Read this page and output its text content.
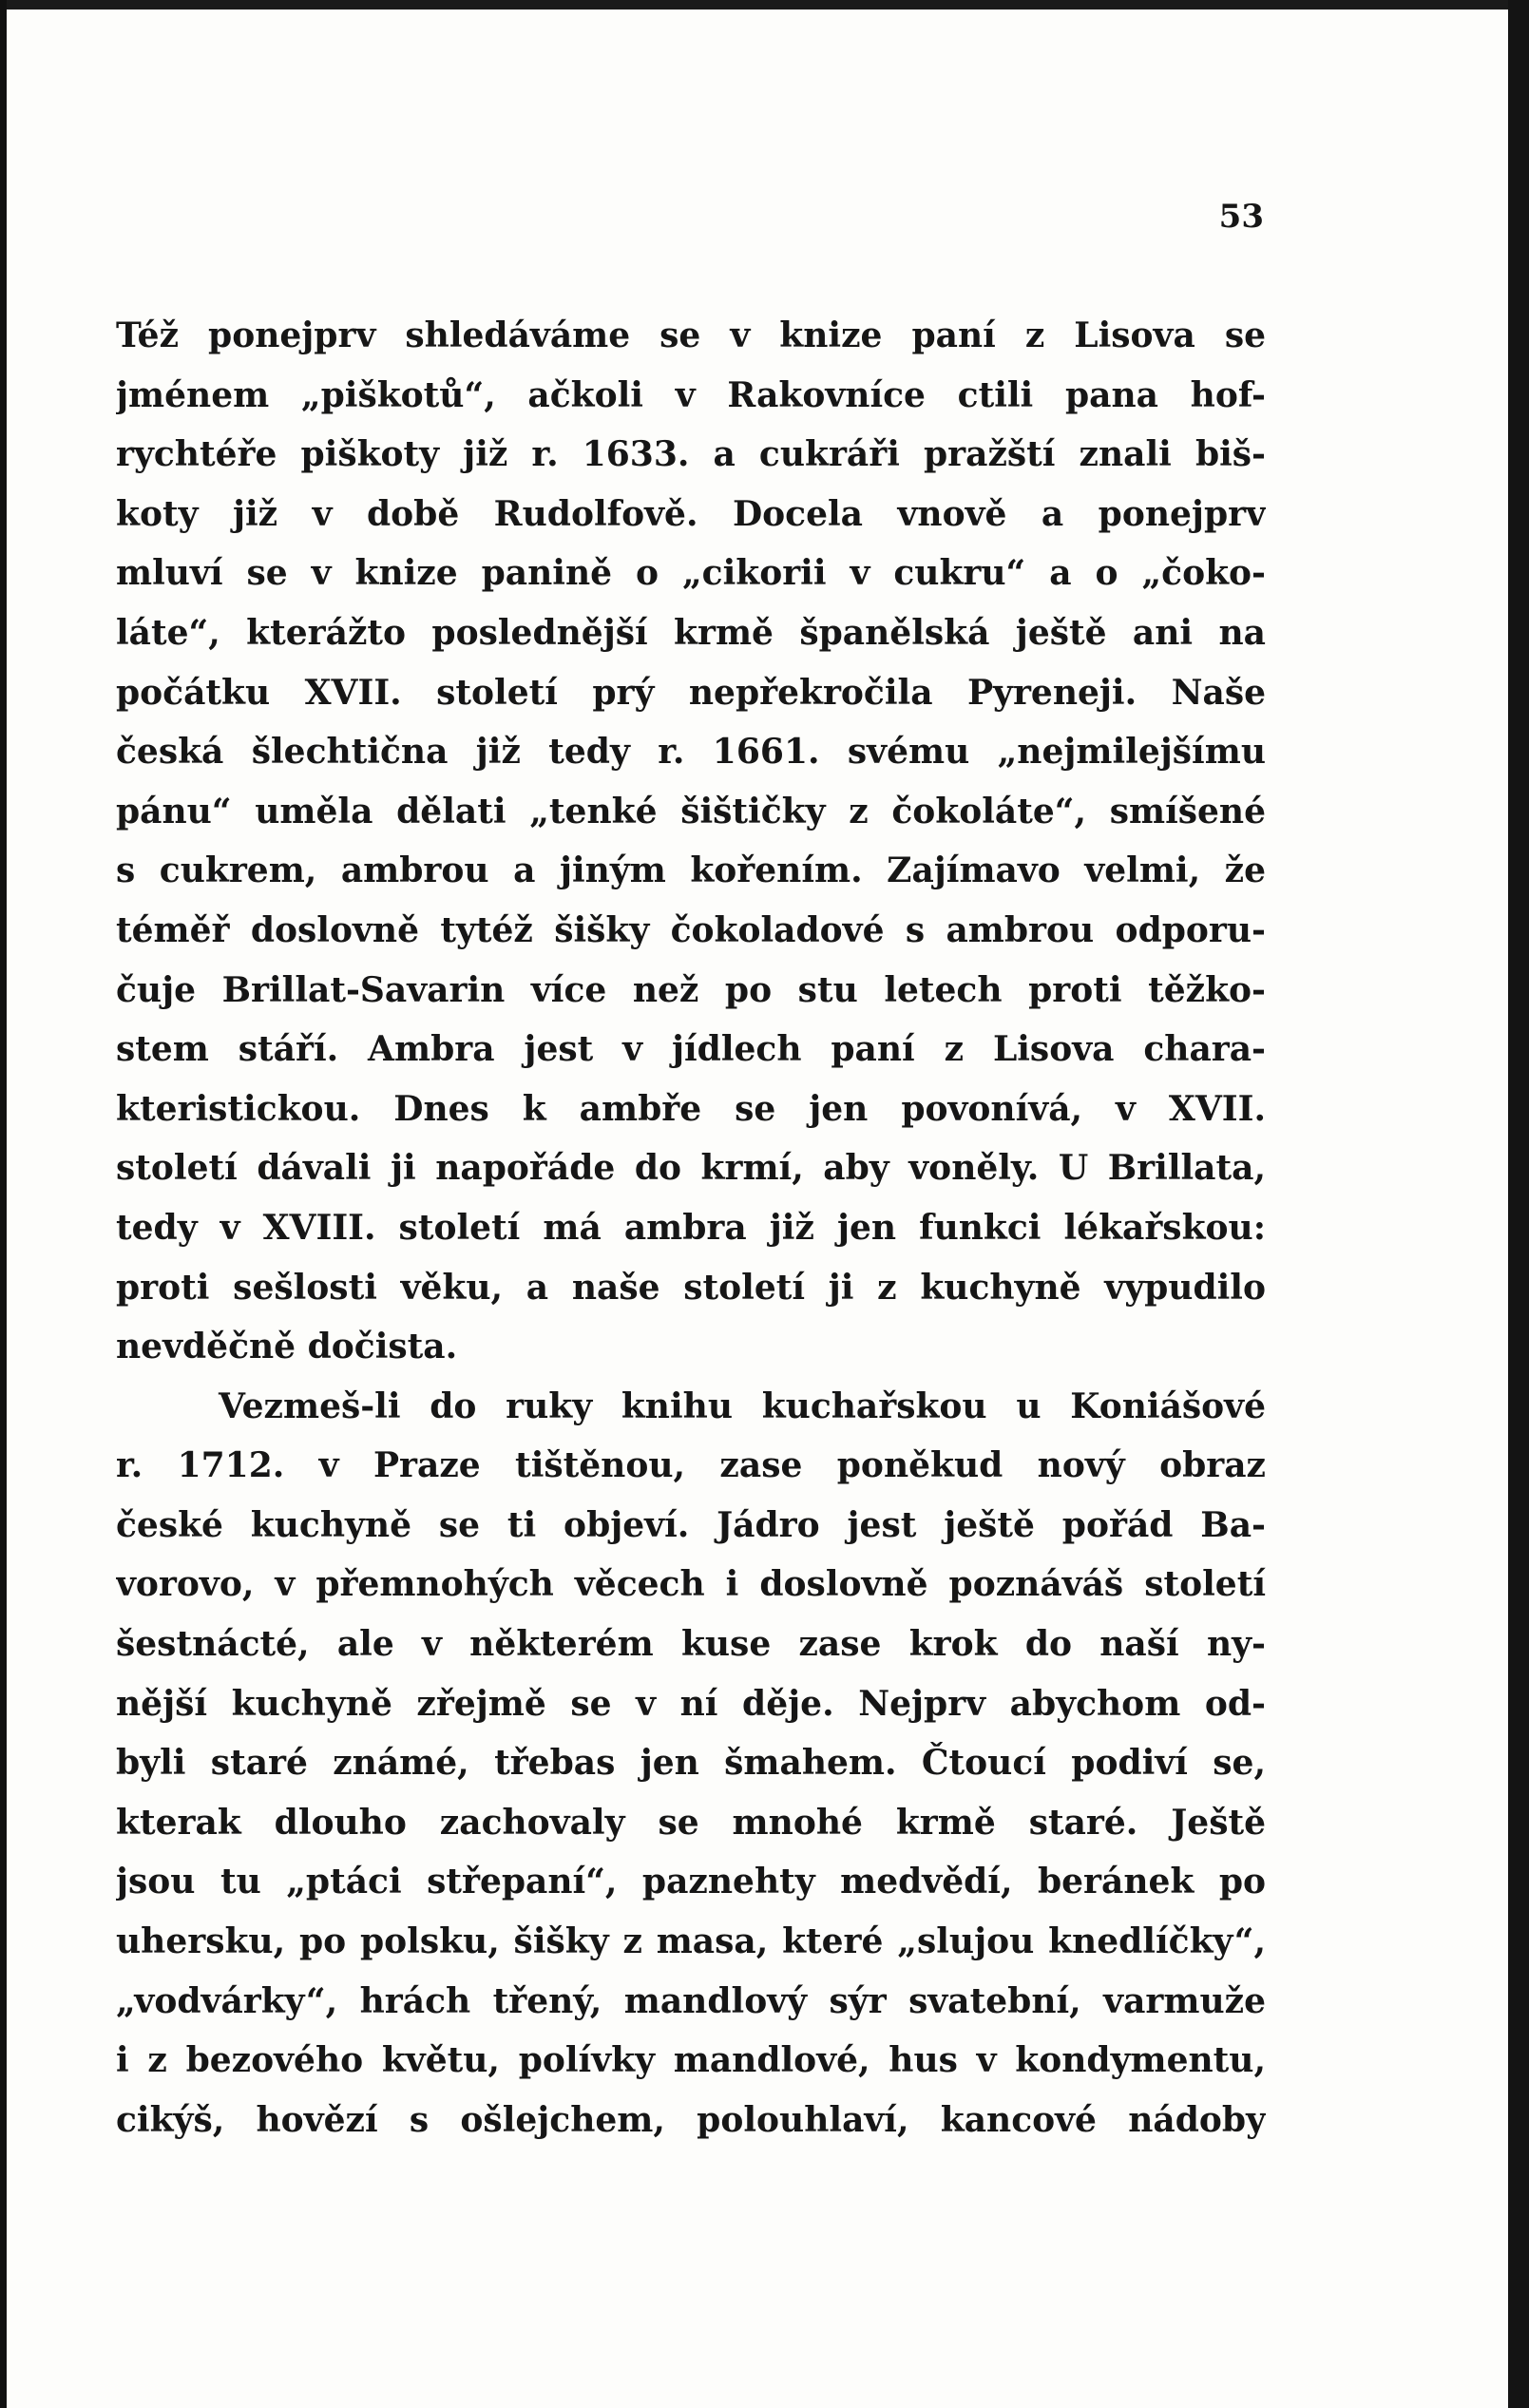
53
Též ponejprv shledáváme se v knize paní z Lisova se
jménem „piškotů“, ačkoli v Rakovníce ctili pana hof-
rychtéře piškoty již r. 1633. a cukráři pražští znali biš-
koty již v době Rudolfově. Docela vnově a ponejprv
mluví se v knize panině o „cikorii v cukru“ a o „čoko-
láte“, kterážto poslednější krmě španělská ještě ani na
počátku XVII. století prý nepřekročila Pyreneji. Naše
česká šlechtična již tedy r. 1661. svému „nejmilejšímu
pánu“ uměla dělati „tenké šištičky z čokoláte“, smíšené
s cukrem, ambrou a jiným kořením. Zajímavo velmi, že
téměř doslovně tytéž šišky čokoladové s ambrou odporu-
čuje Brillat-Savarin více než po stu letech proti těžko-
stem stáří. Ambra jest v jídlech paní z Lisova chara-
kteristickou. Dnes k ambře se jen povonívá, v XVII.
století dávali ji napořáde do krmí, aby voněly. U Brillata,
tedy v XVIII. století má ambra již jen funkci lékařskou:
proti sešlosti věku, a naše století ji z kuchyně vypudilo
nevděčně dočista.
Vezmeš-li do ruky knihu kuchařskou u Koniášové
r. 1712. v Praze tištěnou, zase poněkud nový obraz
české kuchyně se ti objeví. Jádro jest ještě pořád Ba-
vorovo, v přemnohých věcech i doslovně poznáváš století
šestnácté, ale v některém kuse zase krok do naší ny-
nější kuchyně zřejmě se v ní děje. Nejprv abychom od-
byli staré známé, třebas jen šmahem. Čtoucí podiví se,
kterak dlouho zachovaly se mnohé krmě staré. Ještě
jsou tu „ptáci střepaní“, paznehty medvědí, beránek po
uhersku, po polsku, šišky z masa, které „slujou knedlíčky“,
„vodvárky“, hrách třený, mandlový sýr svatební, varmuže
i z bezového květu, polívky mandlové, hus v kondymentu,
cikýš, hovězí s ošlejchem, polouhlaví, kancové nádoby
